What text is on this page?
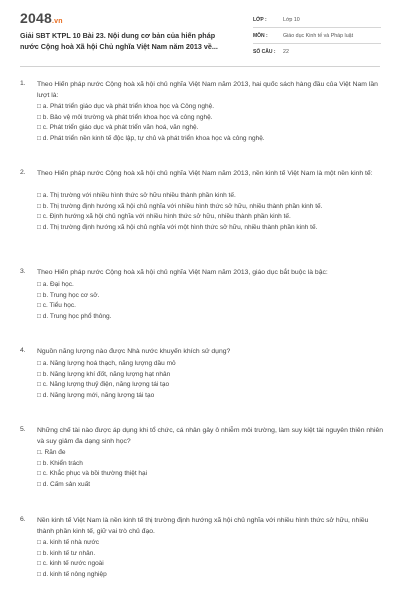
2048.vn
Giải SBT KTPL 10 Bài 23. Nội dung cơ bản của hiến pháp nước Cộng hoà Xã hội Chủ nghĩa Việt Nam năm 2013 về...
LỚP :	Lớp 10
MÔN :	Giáo dục Kinh tế và Pháp luật
SỐ CÂU :	22
1. Theo Hiến pháp nước Cộng hoà xã hội chủ nghĩa Việt Nam năm 2013, hai quốc sách hàng đầu của Việt Nam lần lượt là:
□ a. Phát triển giáo dục và phát triển khoa học và Công nghệ.
□ b. Bảo vệ môi trường và phát triển khoa học và công nghệ.
□ c. Phát triển giáo dục và phát triển văn hoá, văn nghệ.
□ d. Phát triển nền kinh tế độc lập, tự chủ và phát triển khoa học và công nghệ.
2. Theo Hiến pháp nước Cộng hoà xã hội chủ nghĩa Việt Nam năm 2013, nền kinh tế Việt Nam là một nền kinh tế:
□ a. Thị trường với nhiều hình thức sở hữu nhiều thành phần kinh tế.
□ b. Thị trường định hướng xã hội chủ nghĩa với nhiều hình thức sở hữu, nhiều thành phần kinh tế.
□ c. Định hướng xã hội chủ nghĩa với nhiều hình thức sở hữu, nhiều thành phần kinh tế.
□ d. Thị trường định hướng xã hội chủ nghĩa với một hình thức sở hữu, nhiều thành phần kinh tế.
3. Theo Hiến pháp nước Cộng hoà xã hội chủ nghĩa Việt Nam năm 2013, giáo dục bắt buộc là bậc:
□ a. Đại học.
□ b. Trung học cơ sở.
□ c. Tiểu học.
□ d. Trung học phổ thông.
4. Nguồn năng lượng nào được Nhà nước khuyến khích sử dụng?
□ a. Năng lượng hoá thạch, năng lượng dầu mỏ
□ b. Năng lượng khí đốt, năng lượng hạt nhân
□ c. Năng lượng thuỷ điện, năng lượng tái tạo
□ d. Năng lượng mới, năng lượng tái tạo
5. Những chế tài nào được áp dụng khi tổ chức, cá nhân gây ô nhiễm môi trường, làm suy kiệt tài nguyên thiên nhiên và suy giảm đa dạng sinh học?
□. Răn đe
□ b. Khiển trách
□ c. Khắc phục và bồi thường thiệt hại
□ d. Cấm sản xuất
6. Nền kinh tế Việt Nam là nền kinh tế thị trường định hướng xã hội chủ nghĩa với nhiều hình thức sở hữu, nhiều thành phần kinh tế, giữ vai trò chủ đạo.
□ a. kinh tế nhà nước
□ b. kinh tế tư nhân.
□ c. kinh tế nước ngoài
□ d. kinh tế nông nghiệp
